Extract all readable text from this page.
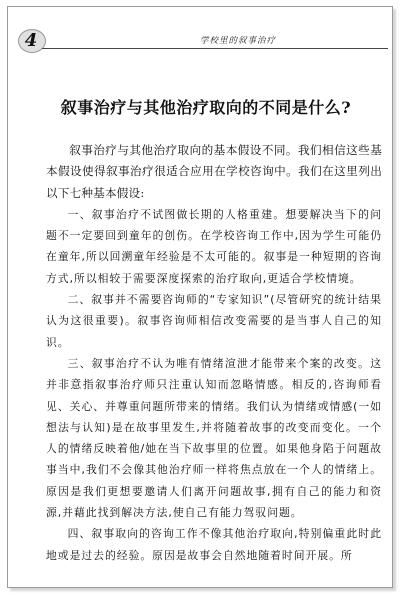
4	学校里的叙事治疗
叙事治疗与其他治疗取向的不同是什么?

叙事治疗与其他治疗取向的基本假设不同。我们相信这些基本假设使得叙事治疗很适合应用在学校咨询中。我们在这里列出以下七种基本假设:

一、叙事治疗不试图做长期的人格重建。想要解决当下的问题不一定要回到童年的创伤。在学校咨询工作中,因为学生可能仍在童年,所以回溯童年经验是不太可能的。叙事是一种短期的咨询方式,所以相较于需要深度探索的治疗取向,更适合学校情境。

二、叙事并不需要咨询师的“专家知识”(尽管研究的统计结果认为这很重要)。叙事咨询师相信改变需要的是当事人自己的知识。

三、叙事治疗不认为唯有情绪渲泄才能带来个案的改变。这并非意指叙事治疗师只注重认知而忽略情感。相反的,咨询师看见、关心、并尊重问题所带来的情绪。我们认为情绪或情感(一如想法与认知)是在故事里发生,并将随着故事的改变而变化。一个人的情绪反映着他/她在当下故事里的位置。如果他身陷于问题故事当中,我们不会像其他治疗师一样将焦点放在一个人的情绪上。原因是我们更想要邀请人们离开问题故事,拥有自己的能力和资源,并藉此找到解决方法,使自己有能力驾驭问题。

四、叙事取向的咨询工作不像其他治疗取向,特别偏重此时此地或是过去的经验。原因是故事会自然地随着时间开展。所
